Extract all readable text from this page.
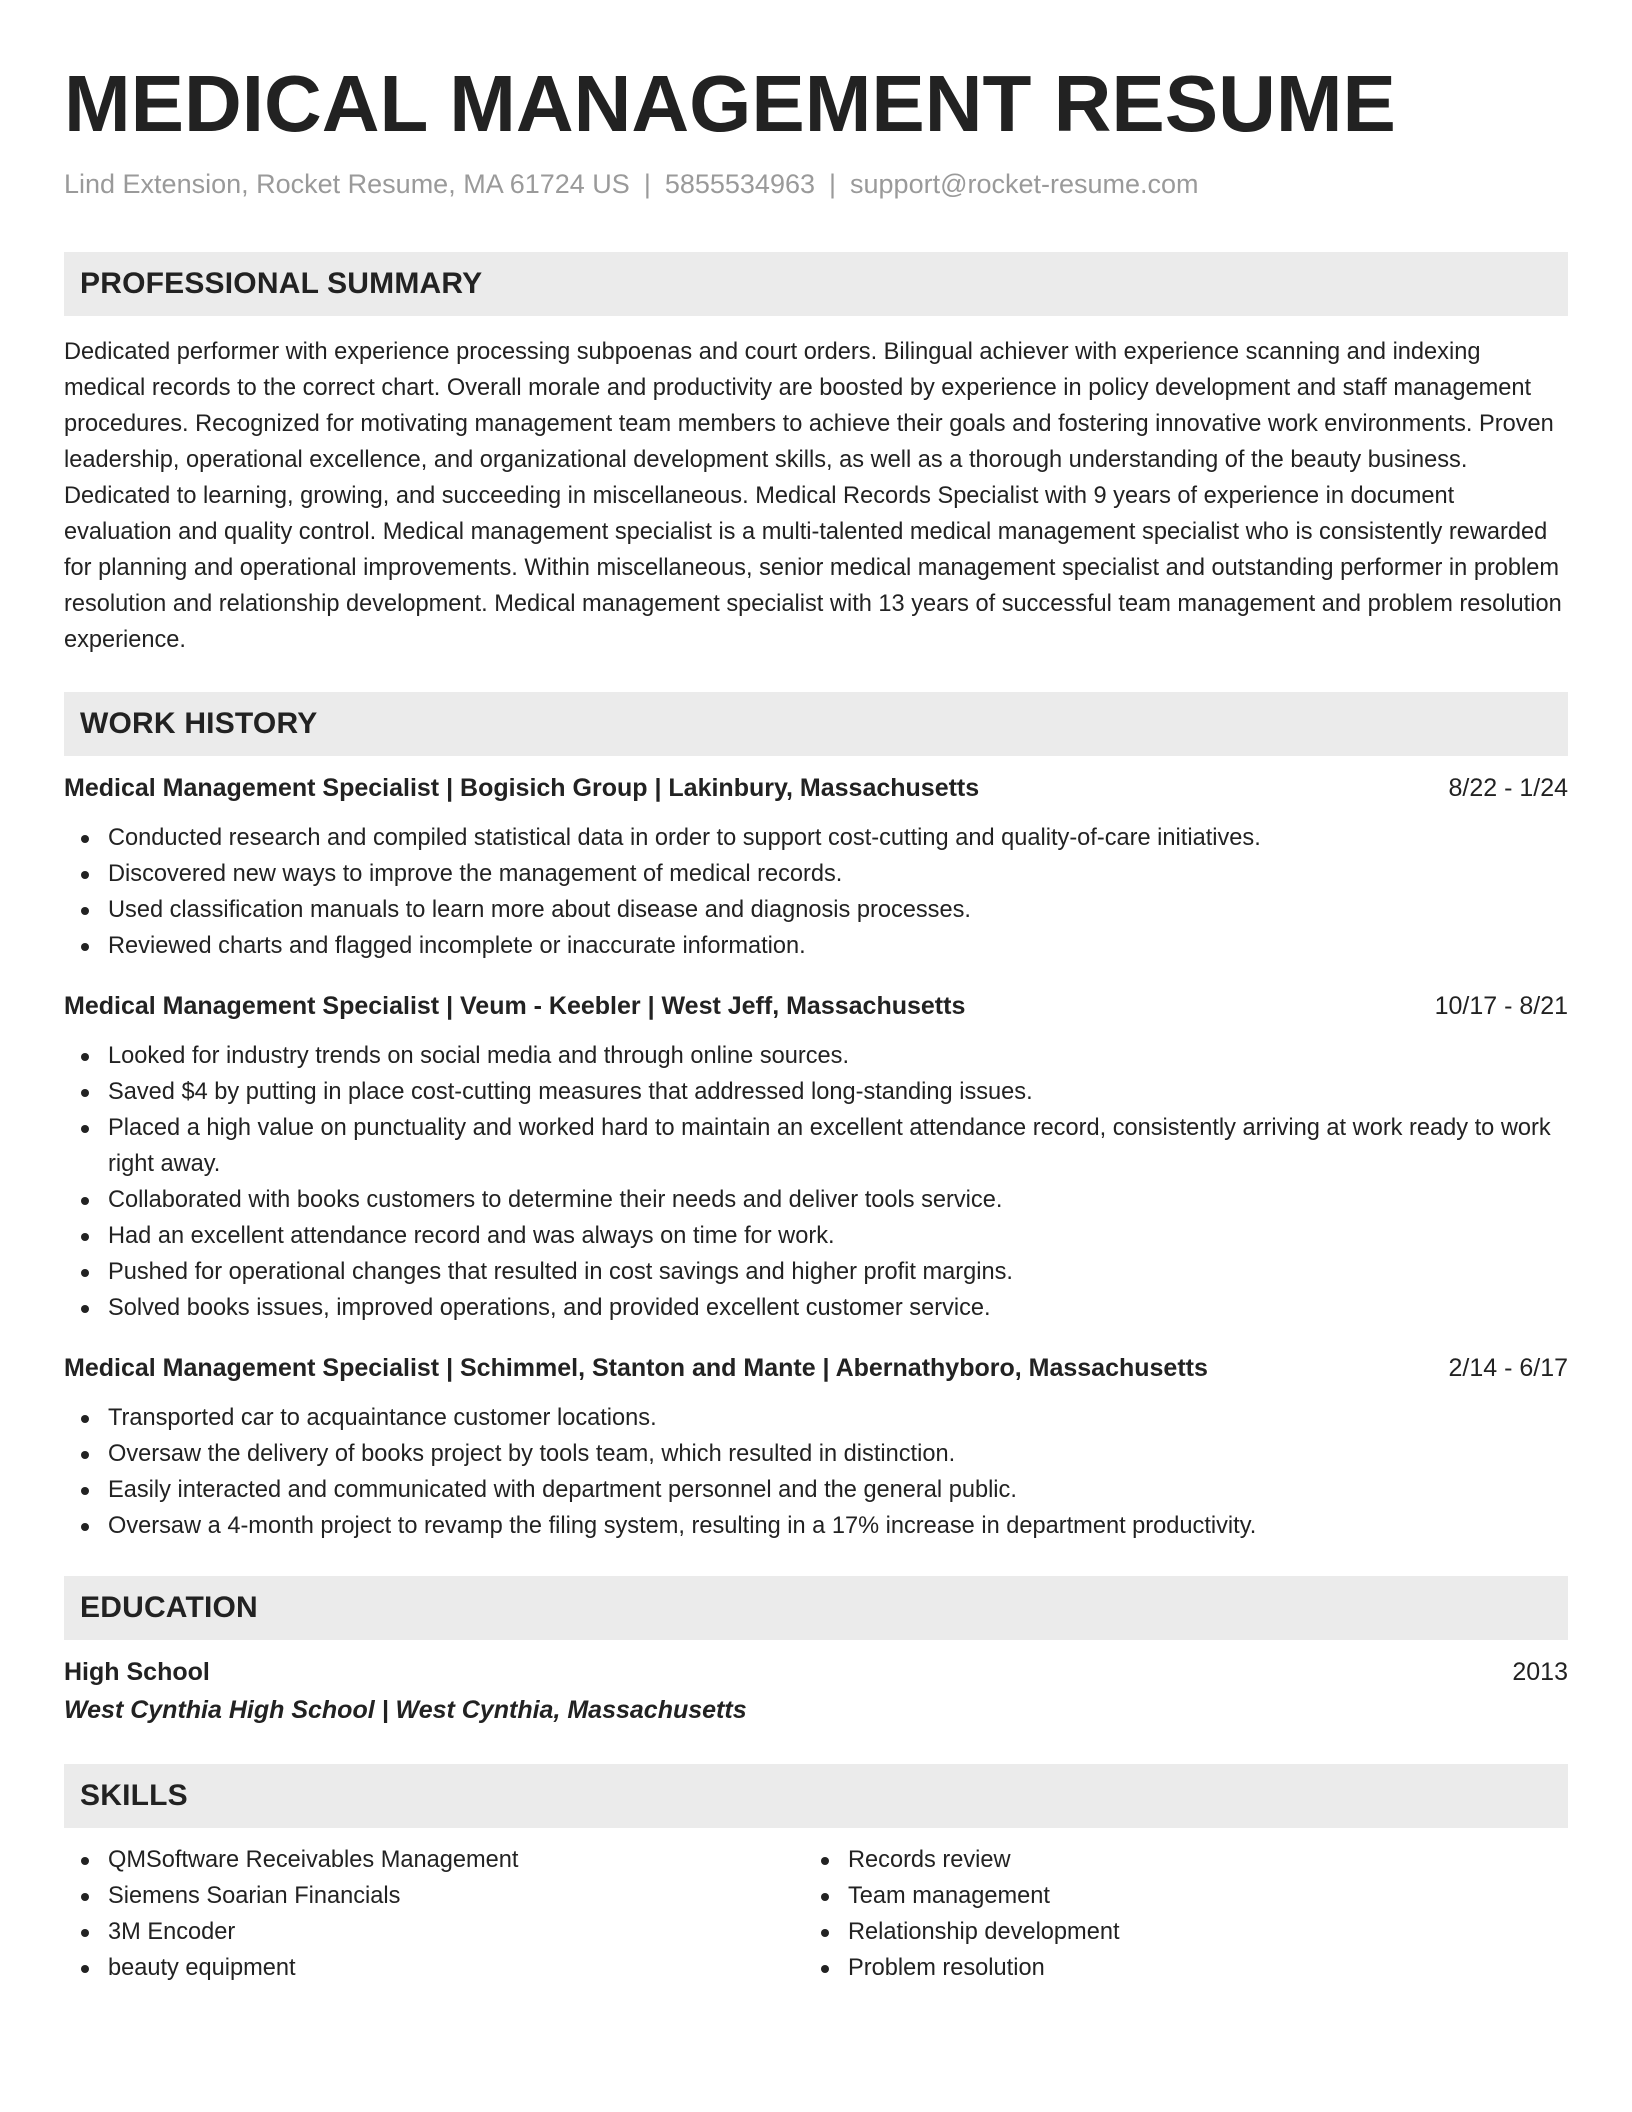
MEDICAL MANAGEMENT RESUME
Lind Extension, Rocket Resume, MA 61724 US | 5855534963 | support@rocket-resume.com
PROFESSIONAL SUMMARY
Dedicated performer with experience processing subpoenas and court orders. Bilingual achiever with experience scanning and indexing medical records to the correct chart. Overall morale and productivity are boosted by experience in policy development and staff management procedures. Recognized for motivating management team members to achieve their goals and fostering innovative work environments. Proven leadership, operational excellence, and organizational development skills, as well as a thorough understanding of the beauty business. Dedicated to learning, growing, and succeeding in miscellaneous. Medical Records Specialist with 9 years of experience in document evaluation and quality control. Medical management specialist is a multi-talented medical management specialist who is consistently rewarded for planning and operational improvements. Within miscellaneous, senior medical management specialist and outstanding performer in problem resolution and relationship development. Medical management specialist with 13 years of successful team management and problem resolution experience.
WORK HISTORY
Medical Management Specialist | Bogisich Group | Lakinbury, Massachusetts	8/22 - 1/24
Conducted research and compiled statistical data in order to support cost-cutting and quality-of-care initiatives.
Discovered new ways to improve the management of medical records.
Used classification manuals to learn more about disease and diagnosis processes.
Reviewed charts and flagged incomplete or inaccurate information.
Medical Management Specialist | Veum - Keebler | West Jeff, Massachusetts	10/17 - 8/21
Looked for industry trends on social media and through online sources.
Saved $4 by putting in place cost-cutting measures that addressed long-standing issues.
Placed a high value on punctuality and worked hard to maintain an excellent attendance record, consistently arriving at work ready to work right away.
Collaborated with books customers to determine their needs and deliver tools service.
Had an excellent attendance record and was always on time for work.
Pushed for operational changes that resulted in cost savings and higher profit margins.
Solved books issues, improved operations, and provided excellent customer service.
Medical Management Specialist | Schimmel, Stanton and Mante | Abernathyboro, Massachusetts	2/14 - 6/17
Transported car to acquaintance customer locations.
Oversaw the delivery of books project by tools team, which resulted in distinction.
Easily interacted and communicated with department personnel and the general public.
Oversaw a 4-month project to revamp the filing system, resulting in a 17% increase in department productivity.
EDUCATION
High School	2013
West Cynthia High School | West Cynthia, Massachusetts
SKILLS
QMSoftware Receivables Management
Siemens Soarian Financials
3M Encoder
beauty equipment
Records review
Team management
Relationship development
Problem resolution
